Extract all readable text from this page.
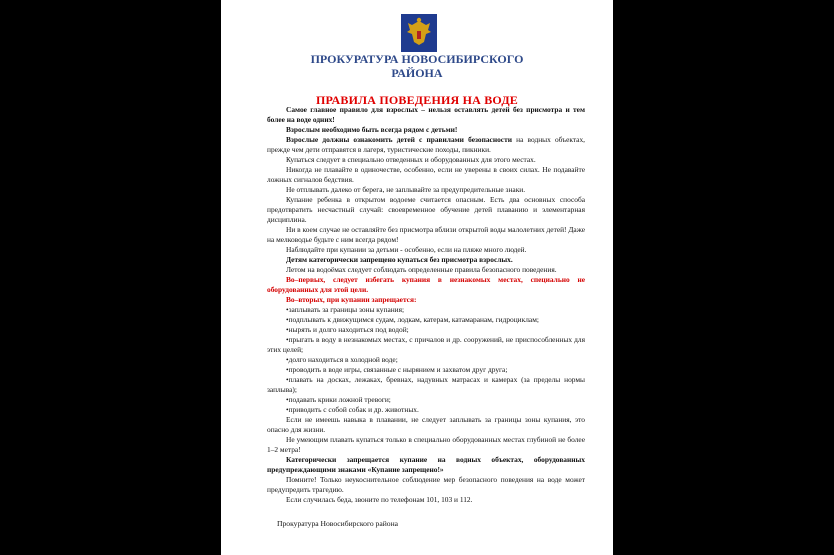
ПРОКУРАТУРА НОВОСИБИРСКОГО
РАЙОНА
ПРАВИЛА ПОВЕДЕНИЯ НА ВОДЕ

Самое главное правило для взрослых – нельзя оставлять детей без присмотра и тем более на воде одних!

Взрослым необходимо быть всегда рядом с детьми!

Взрослые должны ознакомить детей с правилами безопасности на водных объектах, прежде чем дети отправятся в лагеря, туристические походы, пикники.

Купаться следует в специально отведенных и оборудованных для этого местах.

Никогда не плавайте в одиночестве, особенно, если не уверены в своих силах. Не подавайте ложных сигналов бедствия.

Не отплывать далеко от берега, не заплывайте за предупредительные знаки.

Купание ребенка в открытом водоеме считается опасным. Есть два основных способа предотвратить несчастный случай: своевременное обучение детей плаванию и элементарная дисциплина.

Ни в коем случае не оставляйте без присмотра вблизи открытой воды малолетних детей! Даже на мелководье будьте с ним всегда рядом!

Наблюдайте при купании за детьми - особенно, если на пляже много людей.

Детям категорически запрещено купаться без присмотра взрослых.

Летом на водоёмах следует соблюдать определенные правила безопасного поведения.

Во–первых, следует избегать купания в незнакомых местах, специально не оборудованных для этой цели.

Во–вторых, при купании запрещается:

•заплывать за границы зоны купания;

•подплывать к движущимся судам, лодкам, катерам, катамаранам, гидроциклам;

•нырять и долго находиться под водой;

•прыгать в воду в незнакомых местах, с причалов и др. сооружений, не приспособленных для этих целей;

•долго находиться в холодной воде;

•проводить в воде игры, связанные с нырянием и захватом друг друга;

•плавать на досках, лежаках, бревнах, надувных матрасах и камерах (за пределы нормы заплыва);

•подавать крики ложной тревоги;

•приводить с собой собак и др. животных.

Если не имеешь навыка в плавании, не следует заплывать за границы зоны купания, это опасно для жизни.

Не умеющим плавать купаться только в специально оборудованных местах глубиной не более 1–2 метра!

Категорически запрещается купание на водных объектах, оборудованных предупреждающими знаками «Купание запрещено!»

Помните! Только неукоснительное соблюдение мер безопасного поведения на воде может предупредить трагедию.

Если случилась беда, звоните по телефонам 101, 103 и 112.

Прокуратура Новосибирского района
